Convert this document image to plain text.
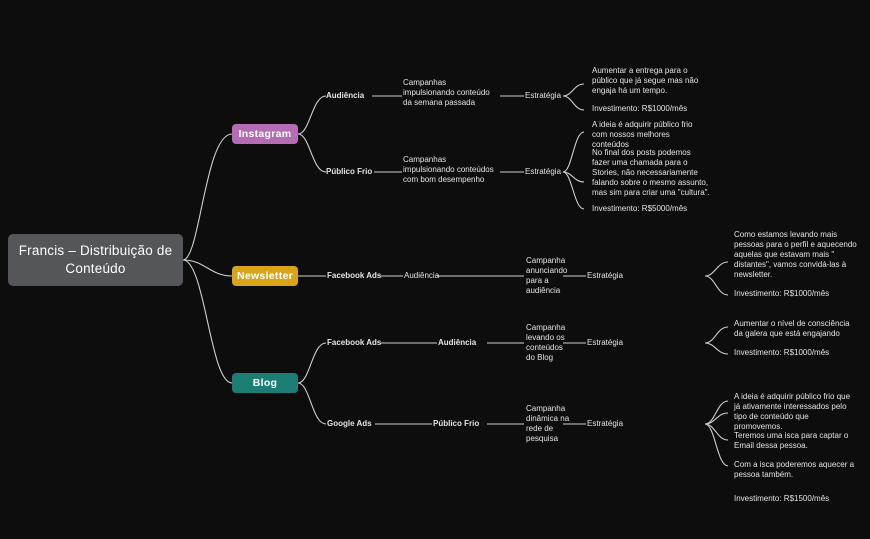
Francis – Distribuição de Conteúdo
Instagram
Newsletter
Blog
Audiência
Campanhas impulsionando conteúdo da semana passada
Estratégia
Aumentar a entrega para o público que já segue mas não engaja há um tempo.
Investimento: R$1000/mês
Público Frio
Campanhas impulsionando conteúdos com bom desempenho
Estratégia
A ideia é adquirir público frio com nossos melhores conteúdos
No final dos posts podemos fazer uma chamada para o Stories, não necessariamente falando sobre o mesmo assunto, mas sim para criar uma "cultura".
Investimento: R$5000/mês
Facebook Ads	Audiência
Campanha anunciando para a audiência
Estratégia
Como estamos levando mais pessoas para o perfil e aquecendo aquelas que estavam mais " distantes", vamos convidá-las à newsletter.
Investimento: R$1000/mês
Facebook Ads	Audiência
Campanha levando os conteúdos do Blog
Estratégia
Aumentar o nível de consciência da galera que está engajando
Investimento: R$1000/mês
Google Ads	Público Frio
Campanha dinâmica na rede de pesquisa
Estratégia
A ideia é adquirir público frio que já ativamente interessados pelo tipo de conteúdo que promovemos.
Teremos uma isca para captar o Email dessa pessoa.
Com a isca poderemos aquecer a pessoa também.
Investimento: R$1500/mês
